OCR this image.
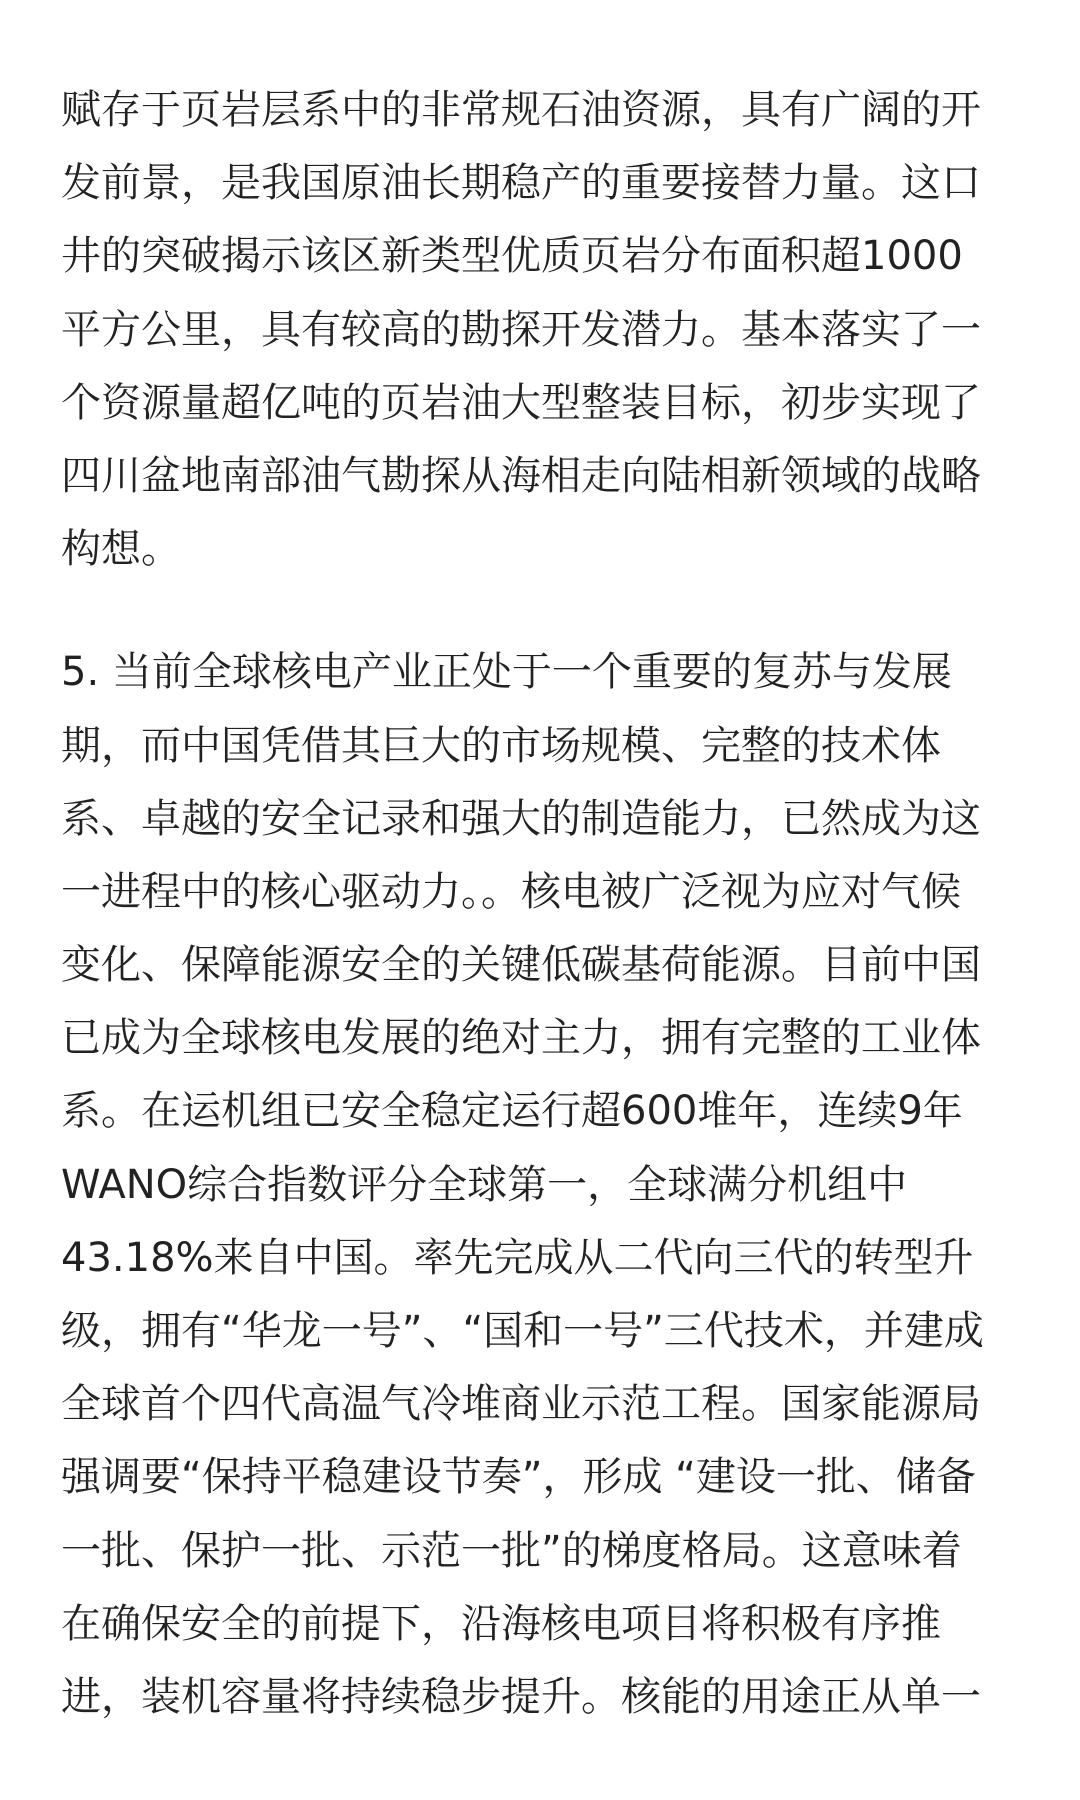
赋存于页岩层系中的非常规石油资源，具有广阔的开
发前景，是我国原油长期稳产的重要接替力量。这口
井的突破揭示该区新类型优质页岩分布面积超1000
平方公里，具有较高的勘探开发潜力。基本落实了一
个资源量超亿吨的页岩油大型整装目标，初步实现了
四川盆地南部油气勘探从海相走向陆相新领域的战略
构想。
5. 当前全球核电产业正处于一个重要的复苏与发展
期，而中国凭借其巨大的市场规模、完整的技术体
系、卓越的安全记录和强大的制造能力，已然成为这
一进程中的核心驱动力。。核电被广泛视为应对气候
变化、保障能源安全的关键低碳基荷能源。目前中国
已成为全球核电发展的绝对主力，拥有完整的工业体
系。在运机组已安全稳定运行超600堆年，连续9年
WANO综合指数评分全球第一，全球满分机组中
43.18%来自中国。率先完成从二代向三代的转型升
级，拥有“华龙一号”、“国和一号”三代技术，并建成
全球首个四代高温气冷堆商业示范工程。国家能源局
强调要“保持平稳建设节奏”，形成 “建设一批、储备
一批、保护一批、示范一批”的梯度格局。这意味着
在确保安全的前提下，沿海核电项目将积极有序推
进，装机容量将持续稳步提升。核能的用途正从单一
